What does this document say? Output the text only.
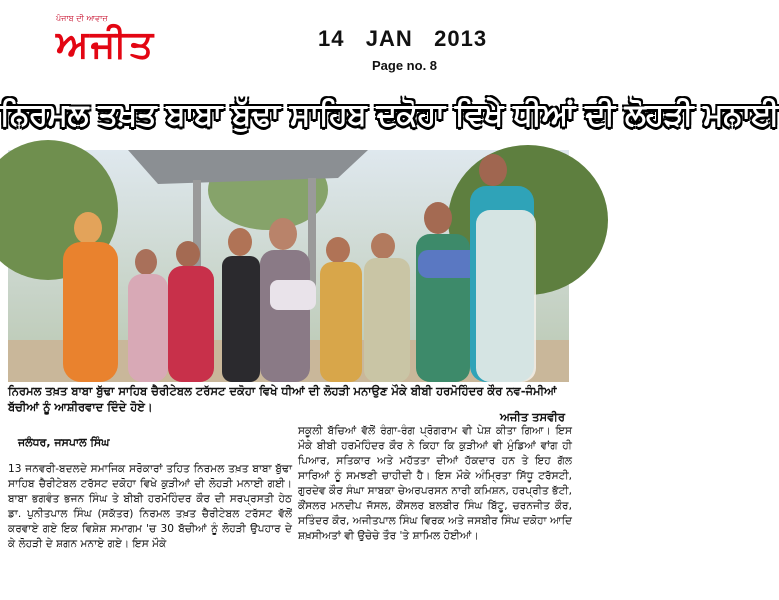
ਪੰਜਾਬ ਦੀ ਆਵਾਜ਼
ਅਜੀਤ	14   JAN   2013
Page no. 8
ਨਿਰਮਲ ਤਖ਼ਤ ਬਾਬਾ ਬੁੱਢਾ ਸਾਹਿਬ ਦਕੋਹਾ ਵਿਖੇ ਧੀਆਂ ਦੀ ਲੋਹੜੀ ਮਨਾਈ
ਨਿਰਮਲ ਤਖ਼ਤ ਬਾਬਾ ਬੁੱਢਾ ਸਾਹਿਬ ਚੈਰੀਟੇਬਲ ਟਰੱਸਟ ਦਕੋਹਾ ਵਿਖੇ ਧੀਆਂ ਦੀ ਲੋਹੜੀ ਮਨਾਉਣ ਮੌਕੇ ਬੀਬੀ ਹਰਮੋਹਿੰਦਰ ਕੌਰ ਨਵ-ਜੰਮੀਆਂ ਬੱਚੀਆਂ ਨੂੰ ਆਸ਼ੀਰਵਾਦ ਦਿੰਦੇ ਹੋਏ।
ਅਜੀਤ ਤਸਵੀਰ
ਜਲੰਧਰ, ਜਸਪਾਲ ਸਿੰਘ
13 ਜਨਵਰੀ-ਬਦਲਦੇ ਸਮਾਜਿਕ ਸਰੋਕਾਰਾਂ ਤਹਿਤ ਨਿਰਮਲ ਤਖ਼ਤ ਬਾਬਾ ਬੁੱਢਾ ਸਾਹਿਬ ਚੈਰੀਟੇਬਲ ਟਰੱਸਟ ਦਕੋਹਾ ਵਿਖੇ ਕੁੜੀਆਂ ਦੀ ਲੋਹੜੀ ਮਨਾਈ ਗਈ। ਬਾਬਾ ਭਗਵੰਤ ਭਜਨ ਸਿੰਘ ਤੇ ਬੀਬੀ ਹਰਮੋਹਿੰਦਰ ਕੌਰ ਦੀ ਸਰਪ੍ਰਸਤੀ ਹੇਠ ਡਾ. ਪੁਨੀਤਪਾਲ ਸਿੰਘ (ਸਕੱਤਰ) ਨਿਰਮਲ ਤਖ਼ਤ ਚੈਰੀਟੇਬਲ ਟਰੱਸਟ ਵੱਲੋਂ ਕਰਵਾਏ ਗਏ ਇਕ ਵਿਸ਼ੇਸ਼ ਸਮਾਗਮ 'ਚ 30 ਬੱਚੀਆਂ ਨੂੰ ਲੋਹੜੀ ਉਪਹਾਰ ਦੇ ਕੇ ਲੋਹੜੀ ਦੇ ਸ਼ਗਨ ਮਨਾਏ ਗਏ। ਇਸ ਮੌਕੇ
ਸਕੂਲੀ ਬੱਚਿਆਂ ਵੱਲੋਂ ਰੰਗਾ-ਰੰਗ ਪ੍ਰੋਗਰਾਮ ਵੀ ਪੇਸ਼ ਕੀਤਾ ਗਿਆ। ਇਸ ਮੌਕੇ ਬੀਬੀ ਹਰਮੋਹਿੰਦਰ ਕੌਰ ਨੇ ਕਿਹਾ ਕਿ ਕੁੜੀਆਂ ਵੀ ਮੁੰਡਿਆਂ ਵਾਂਗ ਹੀ ਪਿਆਰ, ਸਤਿਕਾਰ ਅਤੇ ਮਹੱਤਤਾ ਦੀਆਂ ਹੱਕਦਾਰ ਹਨ ਤੇ ਇਹ ਗੱਲ ਸਾਰਿਆਂ ਨੂੰ ਸਮਝਣੀ ਚਾਹੀਦੀ ਹੈ। ਇਸ ਮੌਕੇ ਅੰਮ੍ਰਿਤਾ ਸਿੱਧੂ ਟਰੱਸਟੀ, ਗੁਰਦੇਵ ਕੌਰ ਸੰਘਾ ਸਾਬਕਾ ਚੇਅਰਪਰਸਨ ਨਾਰੀ ਕਮਿਸ਼ਨ, ਹਰਪ੍ਰੀਤ ਭੱਟੀ, ਕੌਂਸਲਰ ਮਨਦੀਪ ਜੱਸਲ, ਕੌਂਸਲਰ ਬਲਬੀਰ ਸਿੰਘ ਬਿੱਟੂ, ਚਰਨਜੀਤ ਕੌਰ, ਸਤਿੰਦਰ ਕੌਰ, ਅਜੀਤਪਾਲ ਸਿੰਘ ਵਿਰਕ ਅਤੇ ਜਸਬੀਰ ਸਿੰਘ ਦਕੋਹਾ ਆਦਿ ਸ਼ਖ਼ਸੀਅਤਾਂ ਵੀ ਉਚੇਚੇ ਤੌਰ 'ਤੇ ਸ਼ਾਮਿਲ ਹੋਈਆਂ।
